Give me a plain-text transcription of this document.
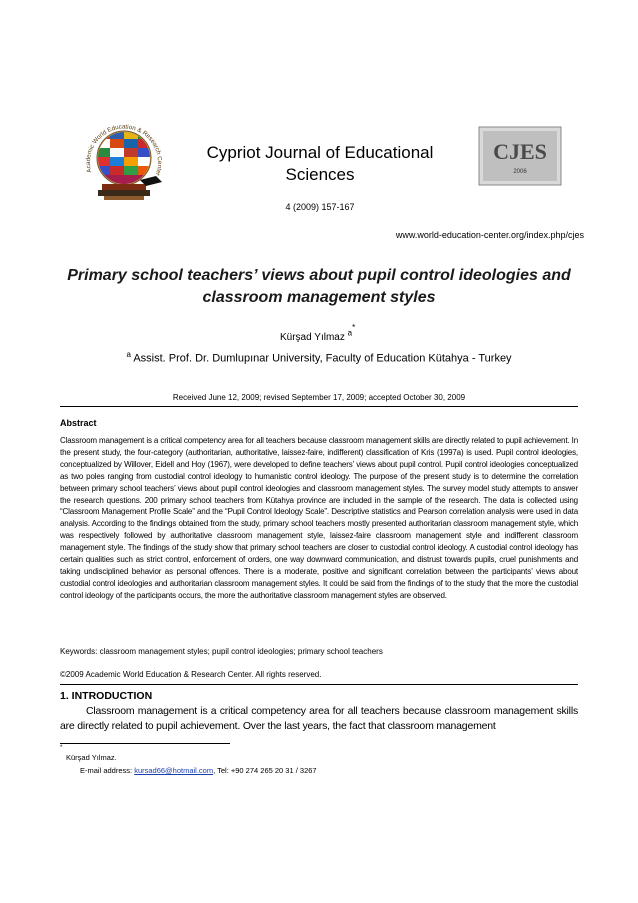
Academic World Education & Research Center
Cypriot Journal of Educational Sciences
4 (2009) 157-167
CJES
2006
www.world-education-center.org/index.php/cjes
Primary school teachers’ views about pupil control ideologies and classroom management styles
Kürşad Yılmaz $^{a*}$
$^a$ Assist. Prof. Dr. Dumlupınar University, Faculty of Education Kütahya - Turkey
Received June 12, 2009; revised September 17, 2009; accepted October 30, 2009
Abstract
Classroom management is a critical competency area for all teachers because classroom management skills are directly related to pupil achievement. In the present study, the four-category (authoritarian, authoritative, laissez-faire, indifferent) classification of Kris (1997a) is used. Pupil control ideologies, conceptualized by Willover, Eidell and Hoy (1967), were developed to define teachers’ views about pupil control. Pupil control ideologies conceptualized as two poles ranging from custodial control ideology to humanistic control ideology. The purpose of the present study is to determine the correlation between primary school teachers’ views about pupil control ideologies and classroom management styles. The survey model study attempts to answer the research questions. 200 primary school teachers from Kütahya province are included in the sample of the research. The data is collected using “Classroom Management Profile Scale” and the “Pupil Control Ideology Scale”. Descriptive statistics and Pearson correlation analysis were used in data analysis. According to the findings obtained from the study, primary school teachers mostly presented authoritarian classroom management style, which was respectively followed by authoritative classroom management style, laissez-faire classroom management style and indifferent classroom management style. The findings of the study show that primary school teachers are closer to custodial control ideology. A custodial control ideology has certain qualities such as strict control, enforcement of orders, one way downward communication, and distrust towards pupils, cruel punishments and taking undisciplined behavior as personal offences. There is a moderate, positive and significant correlation between the participants’ views about custodial control ideologies and authoritarian classroom management styles. It could be said from the findings of to the study that the more the custodial control ideology of the participants occurs, the more the authoritative classroom management styles are observed.
Keywords: classroom management styles; pupil control ideologies; primary school teachers
©2009 Academic World Education & Research Center. All rights reserved.
1. INTRODUCTION
Classroom management is a critical competency area for all teachers because classroom management skills are directly related to pupil achievement. Over the last years, the fact that classroom management
*
Kürşad Yılmaz.
E-mail address: kursad66@hotmail.com, Tel: +90 274 265 20 31 / 3267
